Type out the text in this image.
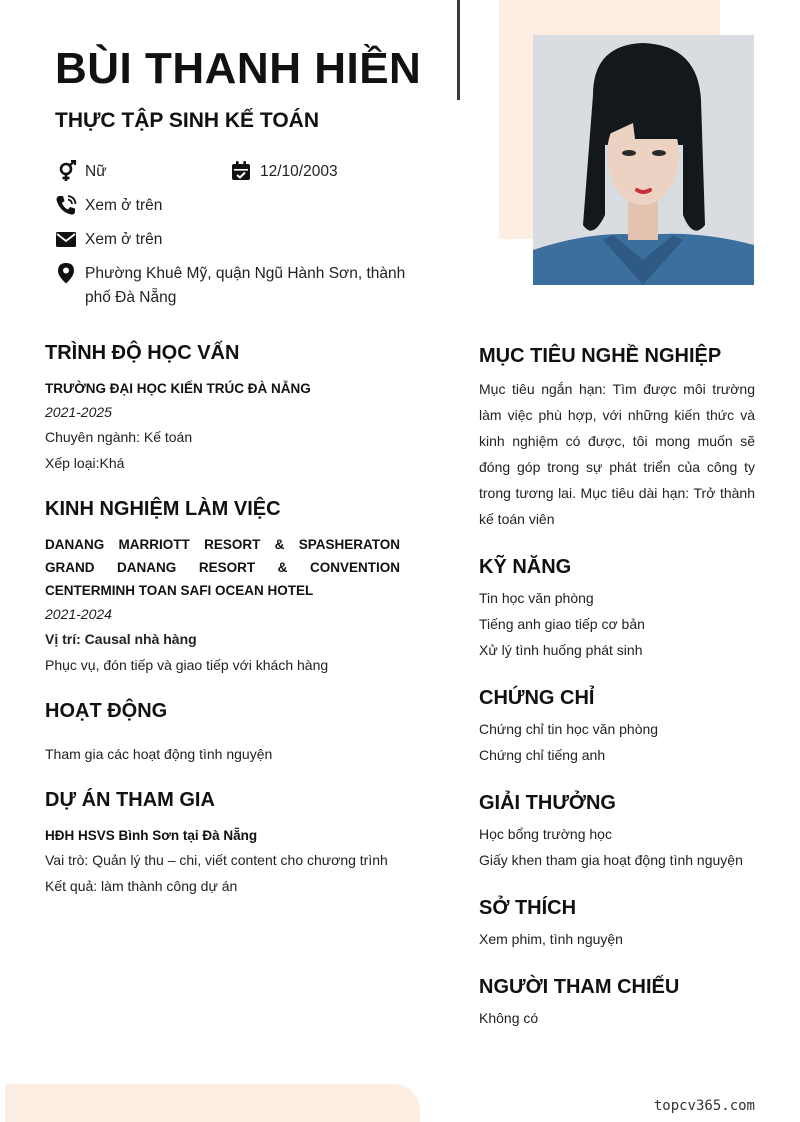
BÙI THANH HIỀN
THỰC TẬP SINH KẾ TOÁN
Nữ	12/10/2003
Xem ở trên
Xem ở trên
Phường Khuê Mỹ, quận Ngũ Hành Sơn, thành phố Đà Nẵng
TRÌNH ĐỘ HỌC VẤN
TRƯỜNG ĐẠI HỌC KIẾN TRÚC ĐÀ NẴNG
2021-2025
Chuyên ngành: Kế toán
Xếp loại:Khá
KINH NGHIỆM LÀM VIỆC
DANANG MARRIOTT RESORT & SPASHERATON GRAND DANANG RESORT & CONVENTION CENTERMINH TOAN SAFI OCEAN HOTEL
2021-2024
Vị trí: Causal nhà hàng
Phục vụ, đón tiếp và giao tiếp với khách hàng
HOẠT ĐỘNG
Tham gia các hoạt động tình nguyện
DỰ ÁN THAM GIA
HĐH HSVS Bình Sơn tại Đà Nẵng
Vai trò: Quản lý thu – chi, viết content cho chương trình
Kết quả: làm thành công dự án
MỤC TIÊU NGHỀ NGHIỆP
Mục tiêu ngắn hạn: Tìm được môi trường làm việc phù hợp, với những kiến thức và kinh nghiệm có được, tôi mong muốn sẽ đóng góp trong sự phát triển của công ty trong tương lai. Mục tiêu dài hạn: Trở thành kế toán viên
KỸ NĂNG
Tin học văn phòng
Tiếng anh giao tiếp cơ bản
Xử lý tình huống phát sinh
CHỨNG CHỈ
Chứng chỉ tin học văn phòng
Chứng chỉ tiếng anh
GIẢI THƯỞNG
Học bổng trường học
Giấy khen tham gia hoạt động tình nguyện
SỞ THÍCH
Xem phim, tình nguyện
NGƯỜI THAM CHIẾU
Không có
topcv365.com
